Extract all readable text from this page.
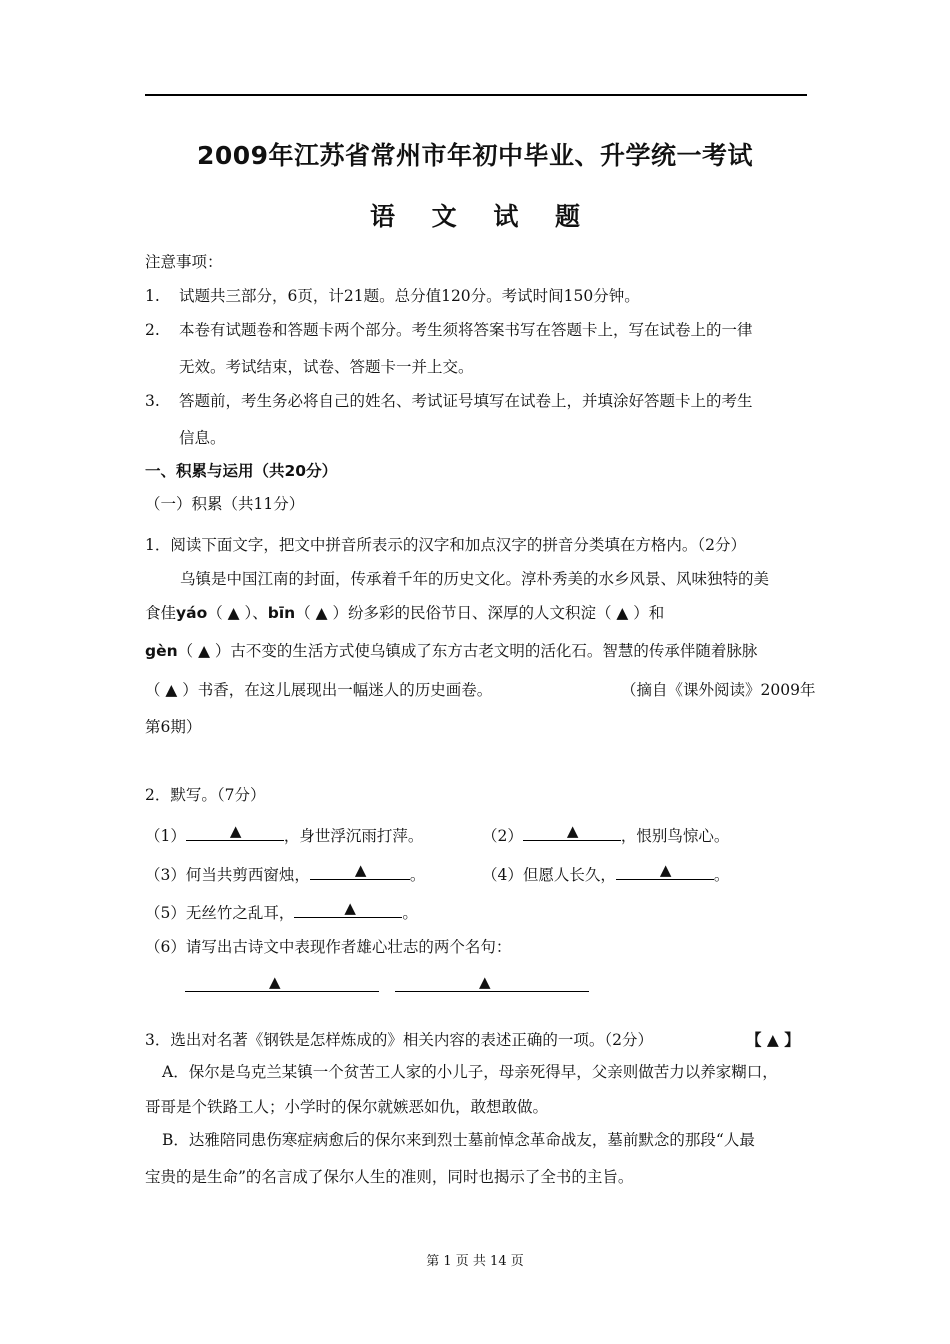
2009年江苏省常州市年初中毕业、升学统一考试
语 文 试 题
注意事项：
1. 试题共三部分，6页，计21题。总分值120分。考试时间150分钟。
2. 本卷有试题卷和答题卡两个部分。考生须将答案书写在答题卡上，写在试卷上的一律
无效。考试结束，试卷、答题卡一并上交。
3. 答题前，考生务必将自己的姓名、考试证号填写在试卷上，并填涂好答题卡上的考生
信息。
一、积累与运用（共20分）
（一）积累（共11分）
1．阅读下面文字，把文中拼音所表示的汉字和加点汉字的拼音分类填在方格内。（2分）
乌镇是中国江南的封面，传承着千年的历史文化。淳朴秀美的水乡风景、风味独特的美
食佳yáo（ ▲ ）、bīn（ ▲ ）纷多彩的民俗节日、深厚的人文积淀（ ▲ ）和
gèn（ ▲ ）古不变的生活方式使乌镇成了东方古老文明的活化石。智慧的传承伴随着脉脉
（ ▲ ）书香，在这儿展现出一幅迷人的历史画卷。	（摘自《课外阅读》2009年
第6期）
2．默写。（7分）
（1）	▲	，身世浮沉雨打萍。	（2）	▲	，恨别鸟惊心。
（3）何当共剪西窗烛，	▲	。	（4）但愿人长久，	▲	。
（5）无丝竹之乱耳，	▲	。
（6）请写出古诗文中表现作者雄心壮志的两个名句：
▲	▲
3．选出对名著《钢铁是怎样炼成的》相关内容的表述正确的一项。（2分）	【 ▲ 】
A．保尔是乌克兰某镇一个贫苦工人家的小儿子，母亲死得早，父亲则做苦力以养家糊口，
哥哥是个铁路工人；小学时的保尔就嫉恶如仇，敢想敢做。
B．达雅陪同患伤寒症病愈后的保尔来到烈士墓前悼念革命战友，墓前默念的那段“人最
宝贵的是生命”的名言成了保尔人生的准则，同时也揭示了全书的主旨。
第 1 页 共 14 页
